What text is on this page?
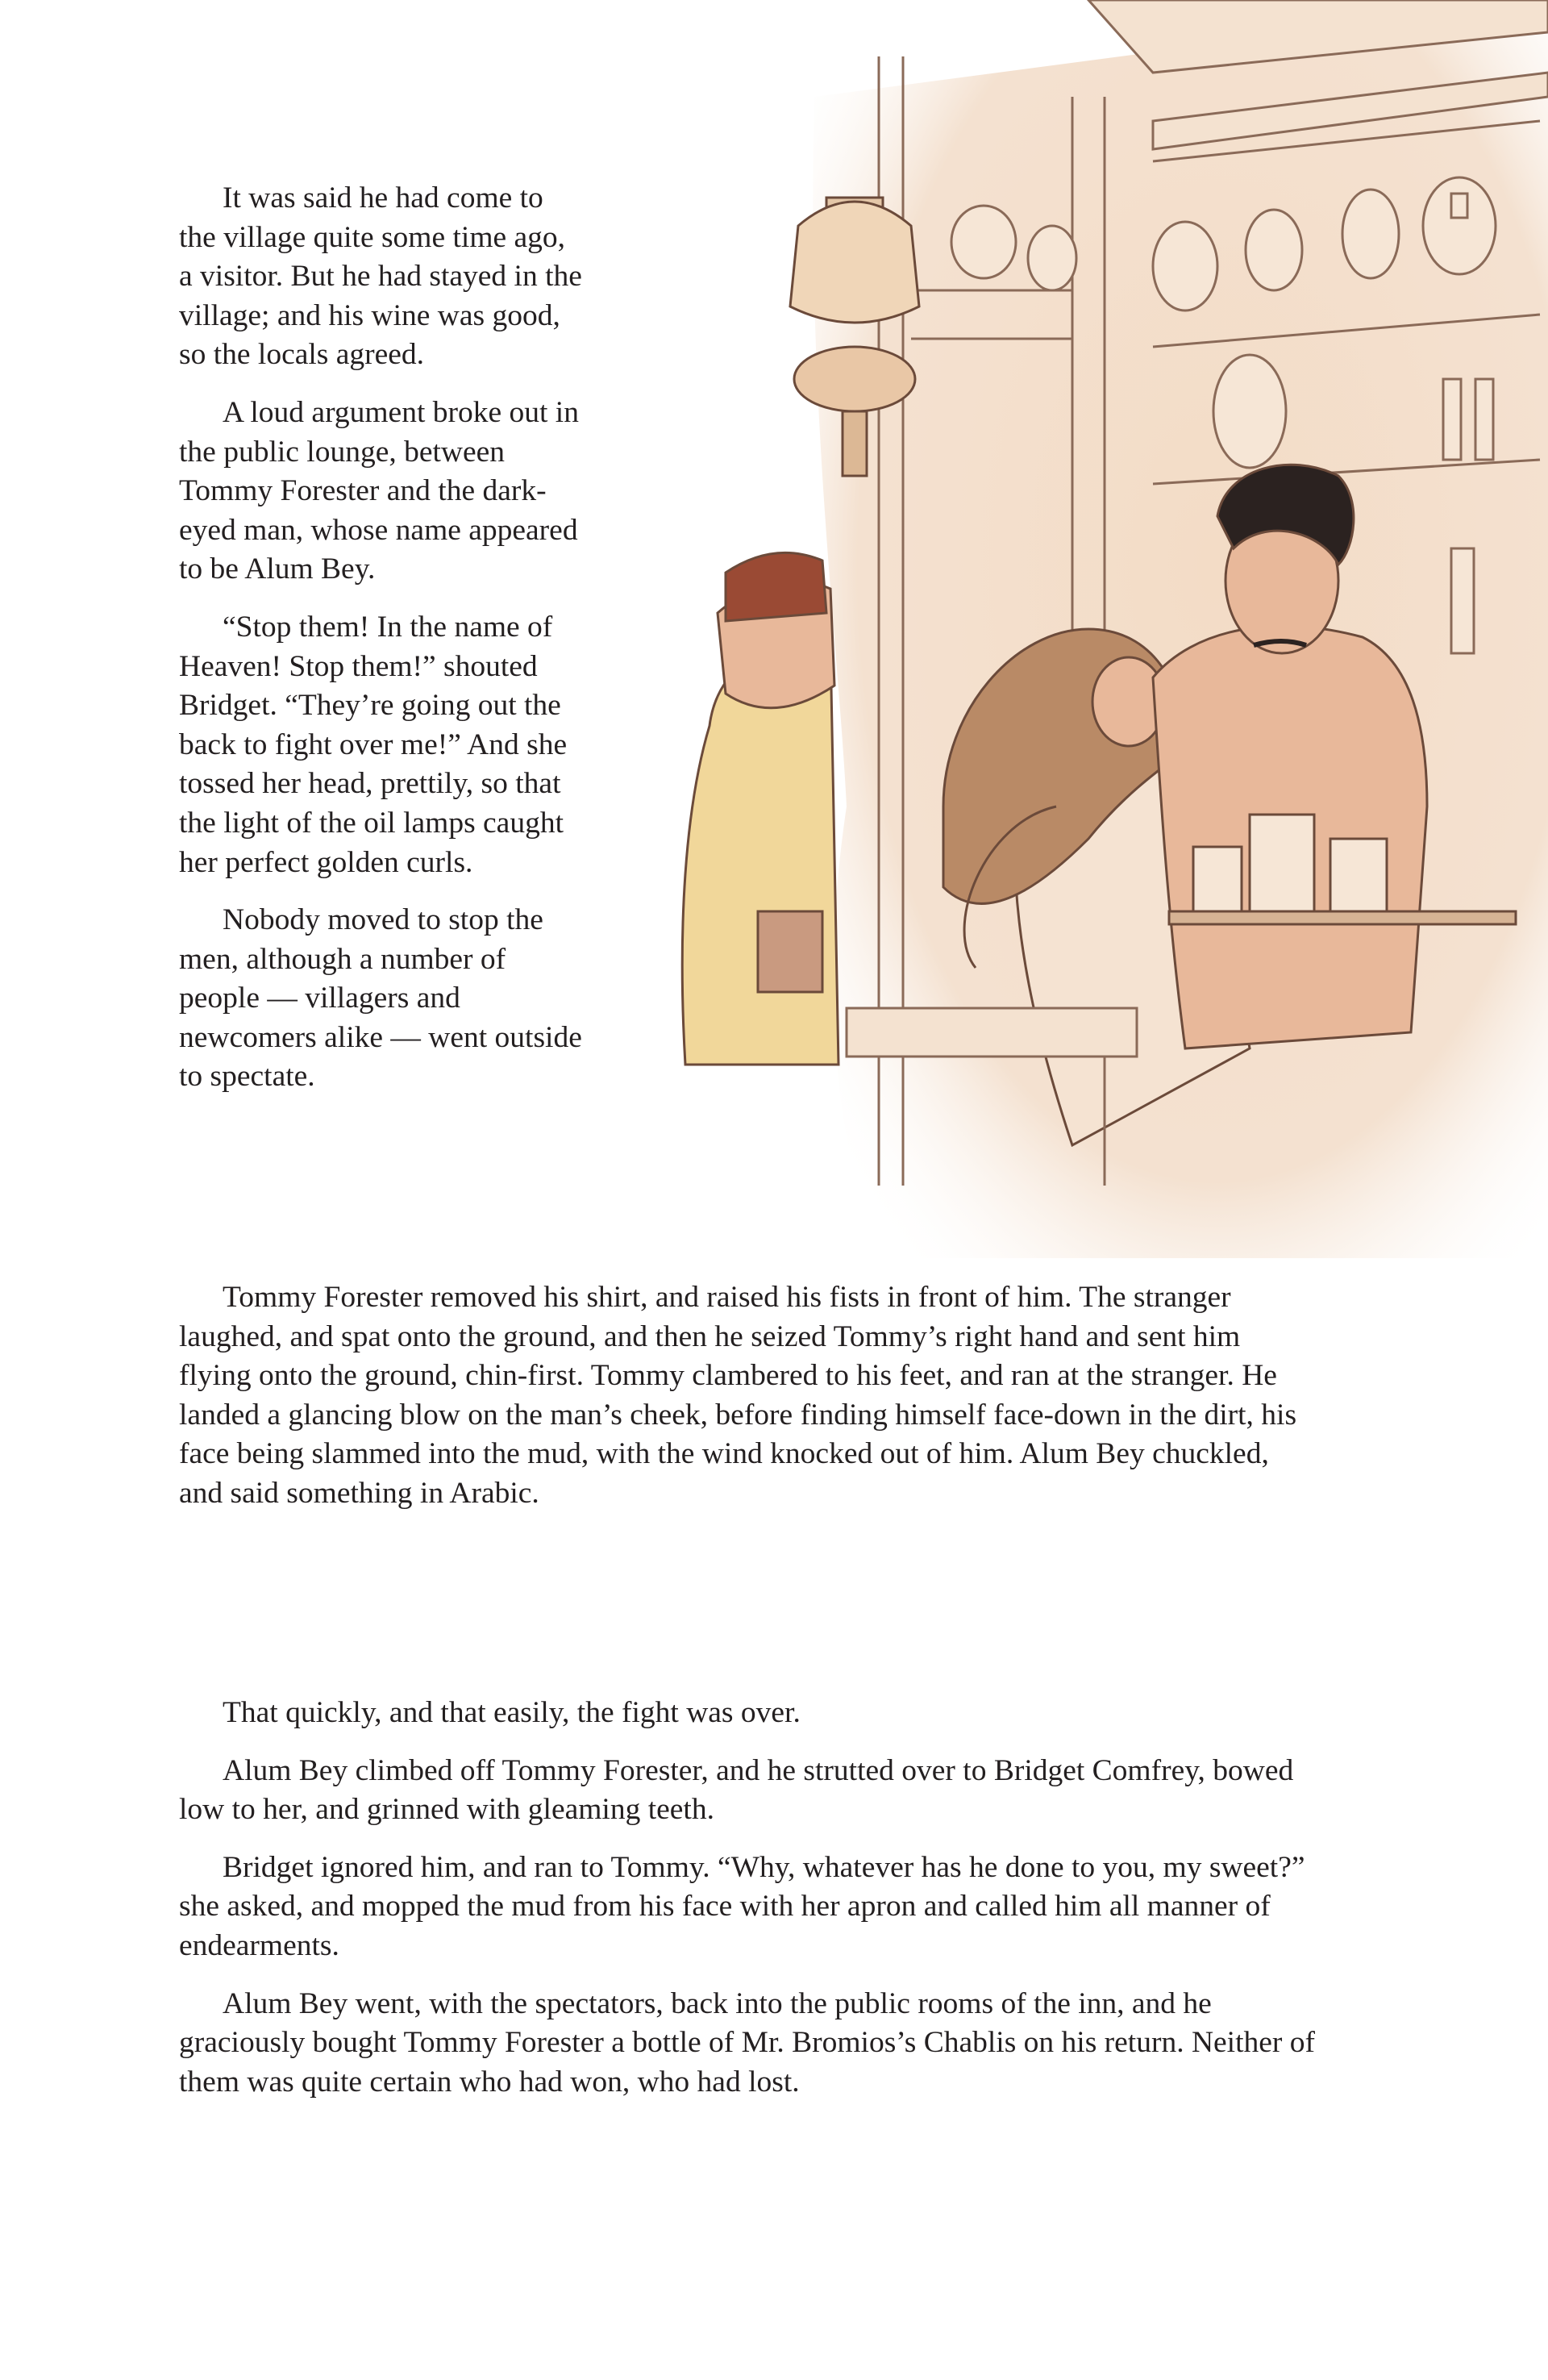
It was said he had come to the village quite some time ago, a visitor. But he had stayed in the village; and his wine was good, so the locals agreed.

A loud argument broke out in the public lounge, between Tommy Forester and the dark-eyed man, whose name appeared to be Alum Bey.

“Stop them! In the name of Heaven! Stop them!” shouted Bridget. “They’re going out the back to fight over me!” And she tossed her head, prettily, so that the light of the oil lamps caught her perfect golden curls.

Nobody moved to stop the men, although a number of people — villagers and newcomers alike — went outside to spectate.

Tommy Forester removed his shirt, and raised his fists in front of him. The stranger laughed, and spat onto the ground, and then he seized Tommy’s right hand and sent him flying onto the ground, chin-first. Tommy clambered to his feet, and ran at the stranger. He landed a glancing blow on the man’s cheek, before finding himself face-down in the dirt, his face being slammed into the mud, with the wind knocked out of him. Alum Bey chuckled, and said something in Arabic.

That quickly, and that easily, the fight was over.

Alum Bey climbed off Tommy Forester, and he strutted over to Bridget Comfrey, bowed low to her, and grinned with gleaming teeth.

Bridget ignored him, and ran to Tommy. “Why, whatever has he done to you, my sweet?” she asked, and mopped the mud from his face with her apron and called him all manner of endearments.

Alum Bey went, with the spectators, back into the public rooms of the inn, and he graciously bought Tommy Forester a bottle of Mr. Bromios’s Chablis on his return. Neither of them was quite certain who had won, who had lost.
